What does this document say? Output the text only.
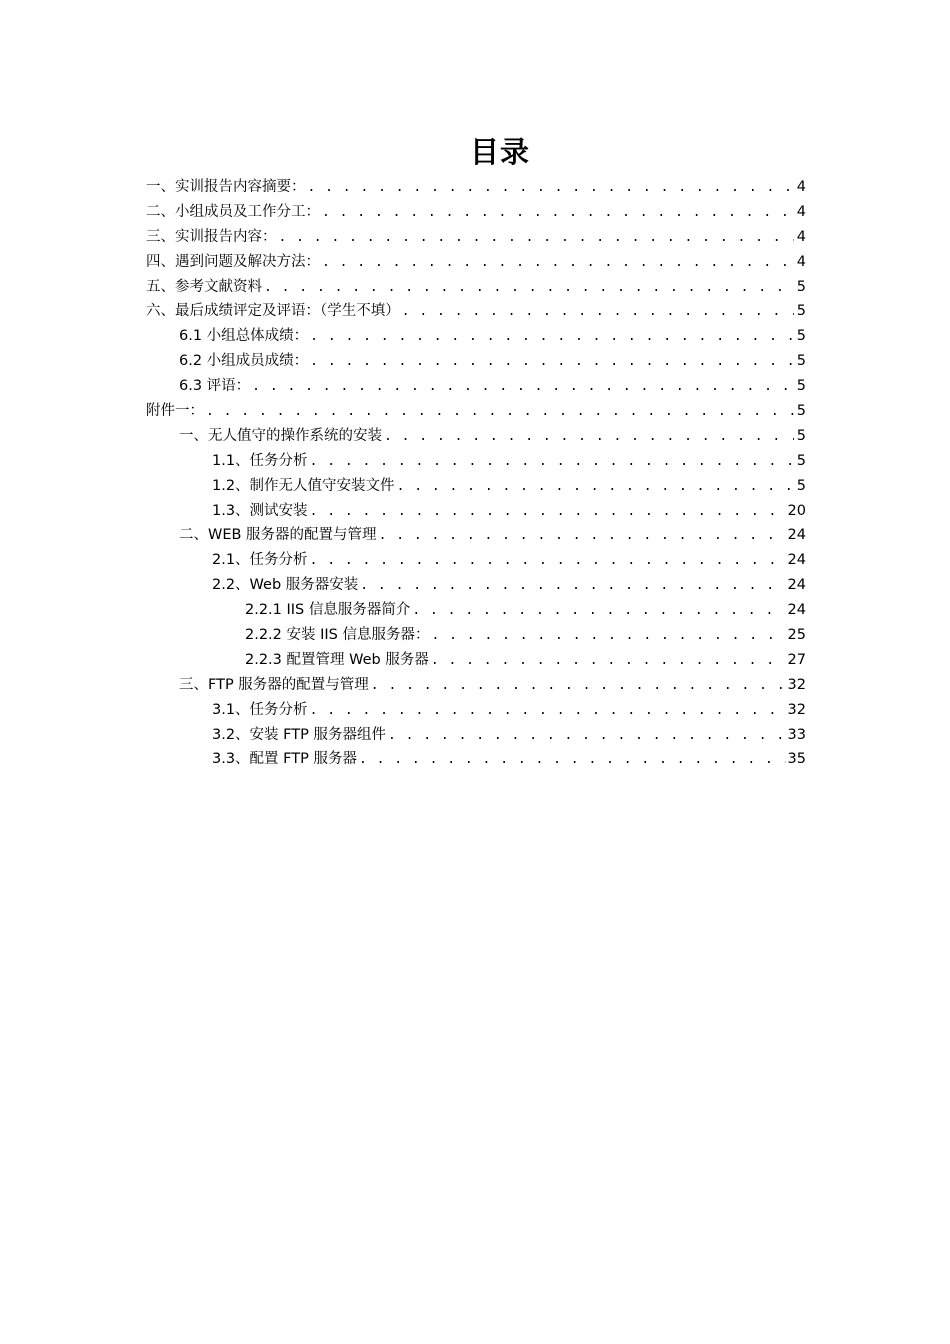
目录
一、实训报告内容摘要： . . .	4
二、小组成员及工作分工： . . .	4
三、实训报告内容： . . .	4
四、遇到问题及解决方法： . . .	4
五、参考文献资料 . . .	5
六、最后成绩评定及评语：（学生不填） . . .	5
6.1 小组总体成绩： . . .	5
6.2 小组成员成绩： . . .	5
6.3 评语： . . .	5
附件一： . . .	5
一、无人值守的操作系统的安装 . . .	5
1.1、任务分析 . . .	5
1.2、制作无人值守安装文件 . . .	5
1.3、测试安装 . . .	20
二、WEB 服务器的配置与管理 . . .	24
2.1、任务分析 . . .	24
2.2、Web 服务器安装 . . .	24
2.2.1 IIS 信息服务器简介 . . .	24
2.2.2 安装 IIS 信息服务器： . . .	25
2.2.3 配置管理 Web 服务器 . . .	27
三、FTP 服务器的配置与管理 . . .	32
3.1、任务分析 . . .	32
3.2、安装 FTP 服务器组件 . . .	33
3.3、配置 FTP 服务器 . . .	35
